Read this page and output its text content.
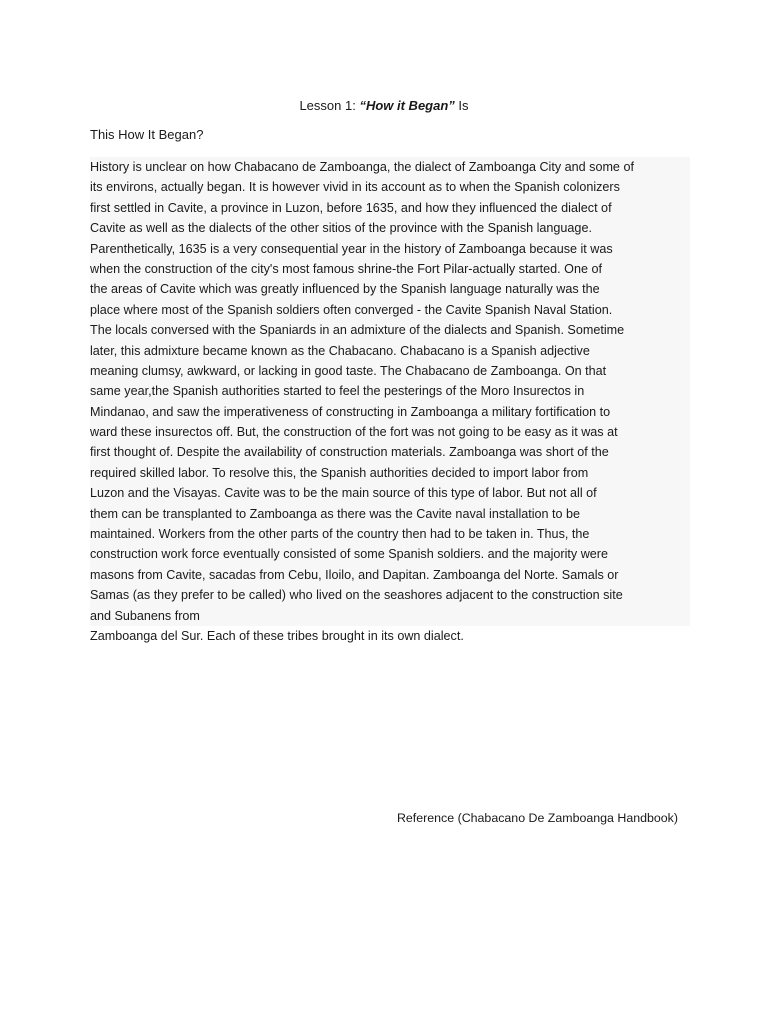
Lesson 1: “How it Began” Is
This How It Began?
History is unclear on how Chabacano de Zamboanga, the dialect of Zamboanga City and some of
its environs, actually began. It is however vivid in its account as to when the Spanish colonizers
first settled in Cavite, a province in Luzon, before 1635, and how they influenced the dialect of
Cavite as well as the dialects of the other sitios of the province with the Spanish language.
Parenthetically, 1635 is a very consequential year in the history of Zamboanga because it was
when the construction of the city's most famous shrine-the Fort Pilar-actually started. One of
the areas of Cavite which was greatly influenced by the Spanish language naturally was the
place where most of the Spanish soldiers often converged - the Cavite Spanish Naval Station.
The locals conversed with the Spaniards in an admixture of the dialects and Spanish. Sometime
later, this admixture became known as the Chabacano. Chabacano is a Spanish adjective
meaning clumsy, awkward, or lacking in good taste. The Chabacano de Zamboanga. On that
same year,the Spanish authorities started to feel the pesterings of the Moro Insurectos in
Mindanao, and saw the imperativeness of constructing in Zamboanga a military fortification to
ward these insurectos off. But, the construction of the fort was not going to be easy as it was at
first thought of. Despite the availability of construction materials. Zamboanga was short of the
required skilled labor. To resolve this, the Spanish authorities decided to import labor from
Luzon and the Visayas. Cavite was to be the main source of this type of labor. But not all of
them can be transplanted to Zamboanga as there was the Cavite naval installation to be
maintained. Workers from the other parts of the country then had to be taken in. Thus, the
construction work force eventually consisted of some Spanish soldiers. and the majority were
masons from Cavite, sacadas from Cebu, Iloilo, and Dapitan. Zamboanga del Norte. Samals or
Samas (as they prefer to be called) who lived on the seashores adjacent to the construction site
and Subanens from
Zamboanga del Sur. Each of these tribes brought in its own dialect.
Reference (Chabacano De Zamboanga Handbook)
